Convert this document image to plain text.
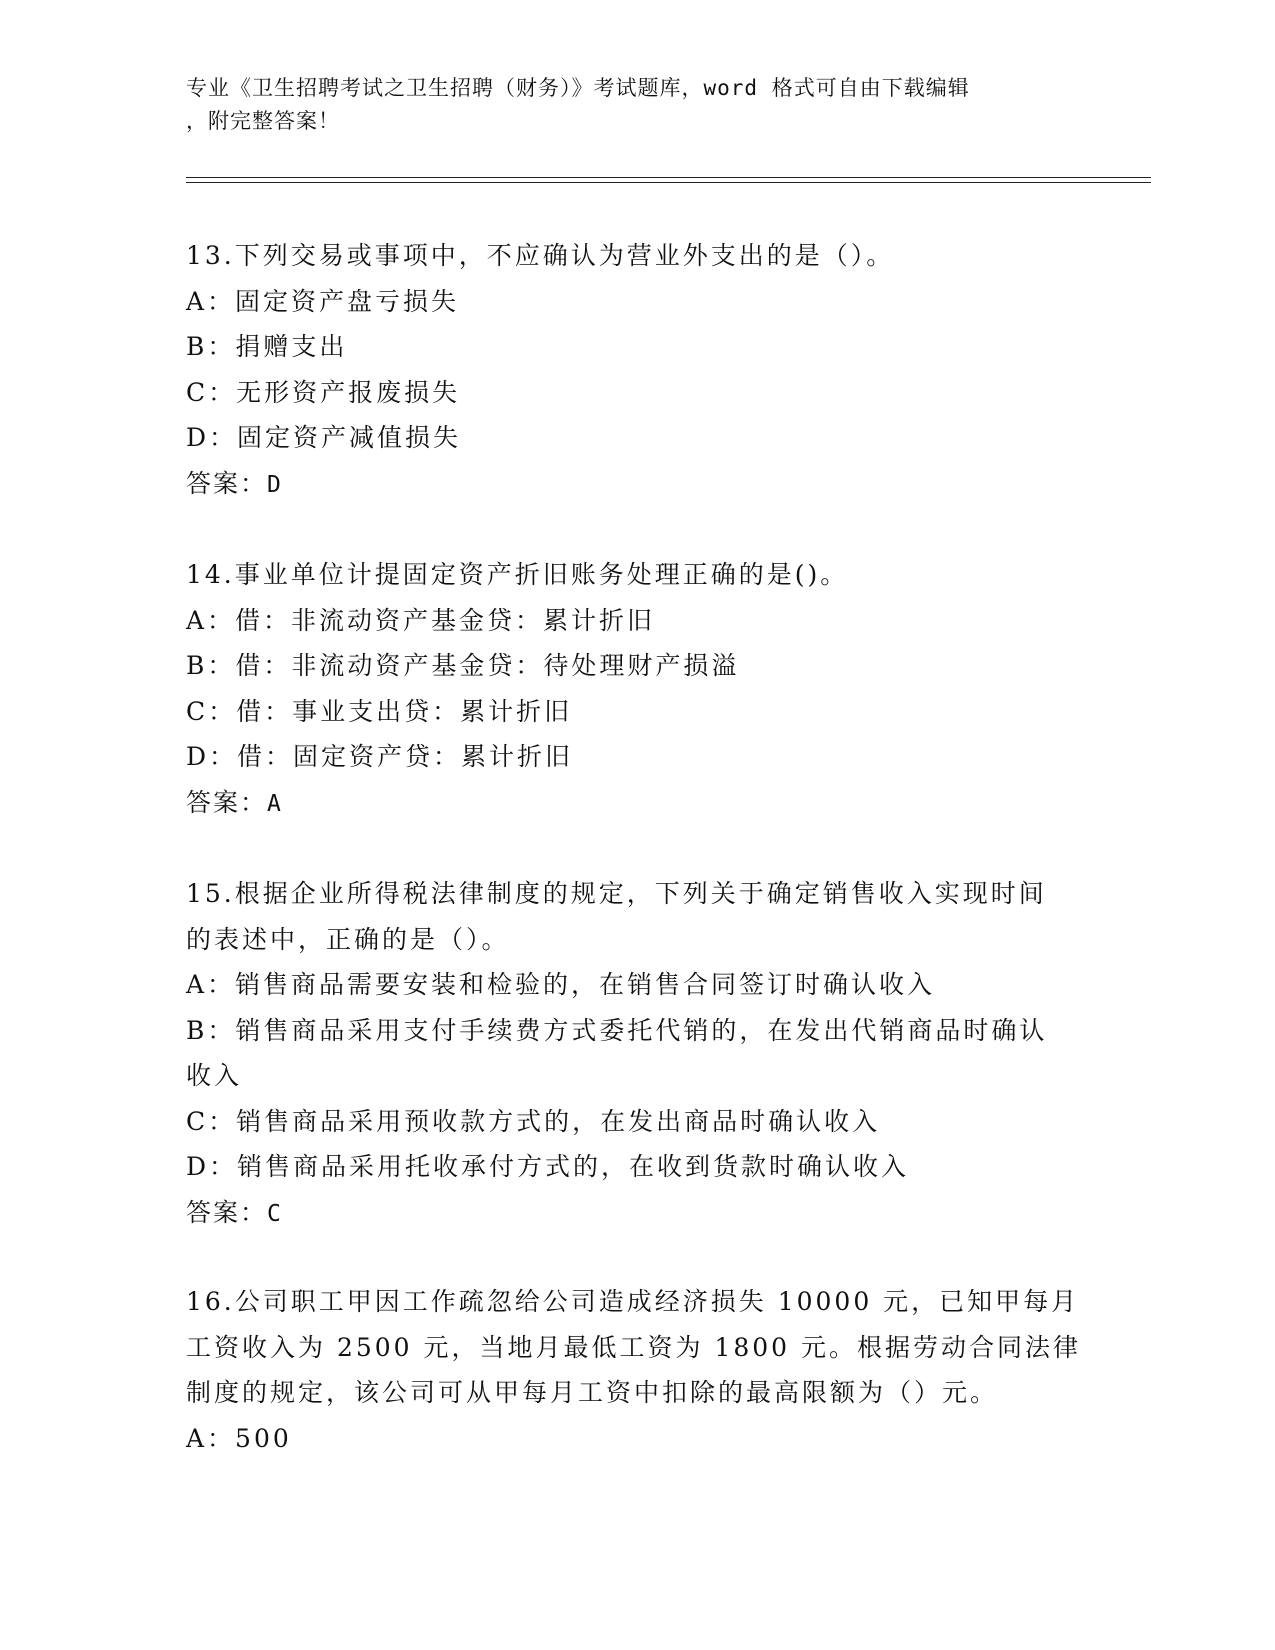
专业《卫生招聘考试之卫生招聘（财务）》考试题库，word 格式可自由下载编辑
，附完整答案！
13.下列交易或事项中，不应确认为营业外支出的是（）。
A：固定资产盘亏损失
B：捐赠支出
C：无形资产报废损失
D：固定资产减值损失
答案：D
14.事业单位计提固定资产折旧账务处理正确的是()。
A：借：非流动资产基金贷：累计折旧
B：借：非流动资产基金贷：待处理财产损溢
C：借：事业支出贷：累计折旧
D：借：固定资产贷：累计折旧
答案：A
15.根据企业所得税法律制度的规定，下列关于确定销售收入实现时间
的表述中，正确的是（）。
A：销售商品需要安装和检验的，在销售合同签订时确认收入
B：销售商品采用支付手续费方式委托代销的，在发出代销商品时确认
收入
C：销售商品采用预收款方式的，在发出商品时确认收入
D：销售商品采用托收承付方式的，在收到货款时确认收入
答案：C
16.公司职工甲因工作疏忽给公司造成经济损失 10000 元，已知甲每月
工资收入为 2500 元，当地月最低工资为 1800 元。根据劳动合同法律
制度的规定，该公司可从甲每月工资中扣除的最高限额为（）元。
A：500
